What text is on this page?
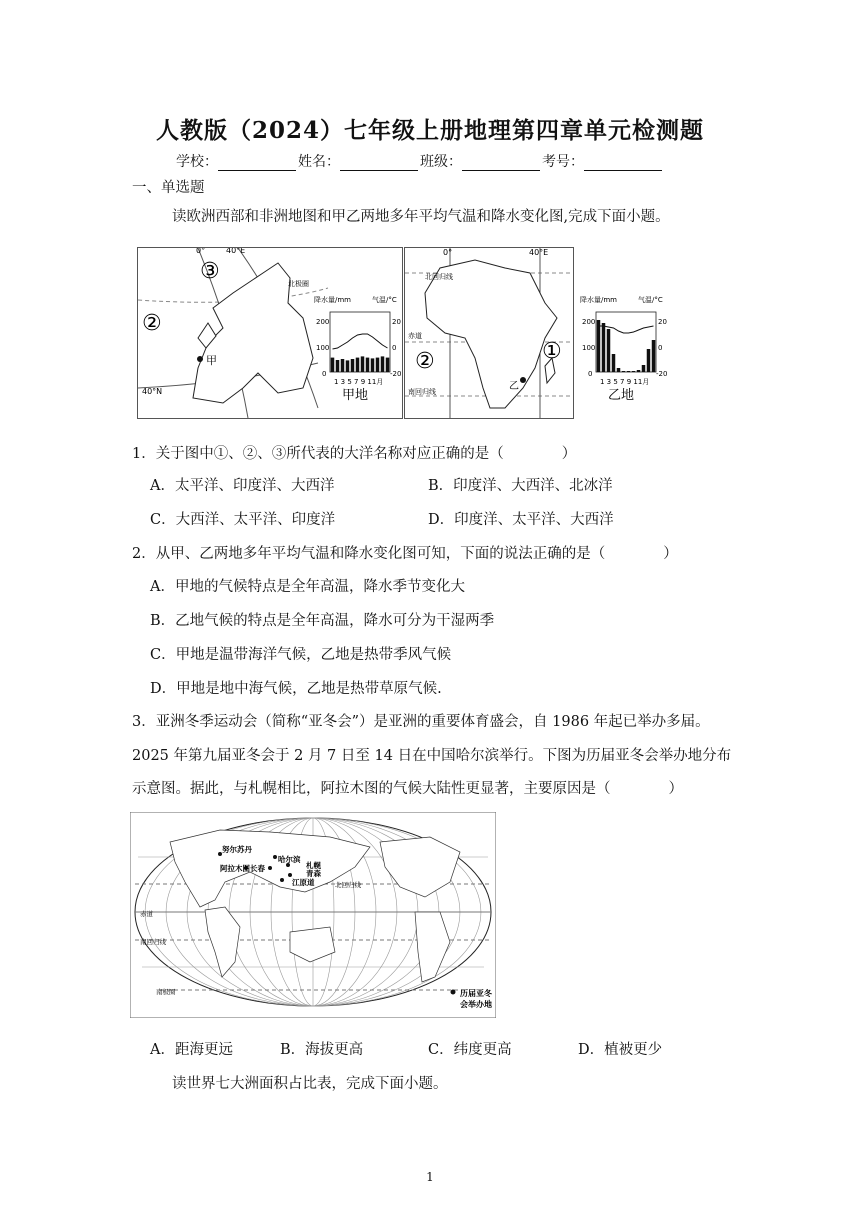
人教版（2024）七年级上册地理第四章单元检测题
学校：	姓名：	班级：	考号：
一、单选题
读欧洲西部和非洲地图和甲乙两地多年平均气温和降水变化图,完成下面小题。
0°	40°E
③
②
甲
40°N
北极圈
降水量/mm	气温/°C
200
100
0
20
0
-20
1 3 5 7 9 11月
甲地
0°	40°E
北回归线
赤道
南回归线
②	①
乙
降水量/mm	气温/°C
200
100
0
20
0
-20
1 3 5 7 9 11月
乙地
1．关于图中①、②、③所代表的大洋名称对应正确的是（	）
A．太平洋、印度洋、大西洋	B．印度洋、大西洋、北冰洋
C．大西洋、太平洋、印度洋	D．印度洋、太平洋、大西洋
2．从甲、乙两地多年平均气温和降水变化图可知，下面的说法正确的是（	）
A．甲地的气候特点是全年高温，降水季节变化大
B．乙地气候的特点是全年高温，降水可分为干湿两季
C．甲地是温带海洋气候，乙地是热带季风气候
D．甲地是地中海气候，乙地是热带草原气候.
3．亚洲冬季运动会（简称“亚冬会”）是亚洲的重要体育盛会，自 1986 年起已举办多届。
2025 年第九届亚冬会于 2 月 7 日至 14 日在中国哈尔滨举行。下图为历届亚冬会举办地分布
示意图。据此，与札幌相比，阿拉木图的气候大陆性更显著，主要原因是（	）
努尔苏丹
哈尔滨
札幌
阿拉木图 长春
青森
江原道	北回归线
赤道
南回归线
南极圈	历届亚冬
会举办地
A．距海更远	B．海拔更高	C．纬度更高	D．植被更少
读世界七大洲面积占比表，完成下面小题。
1
